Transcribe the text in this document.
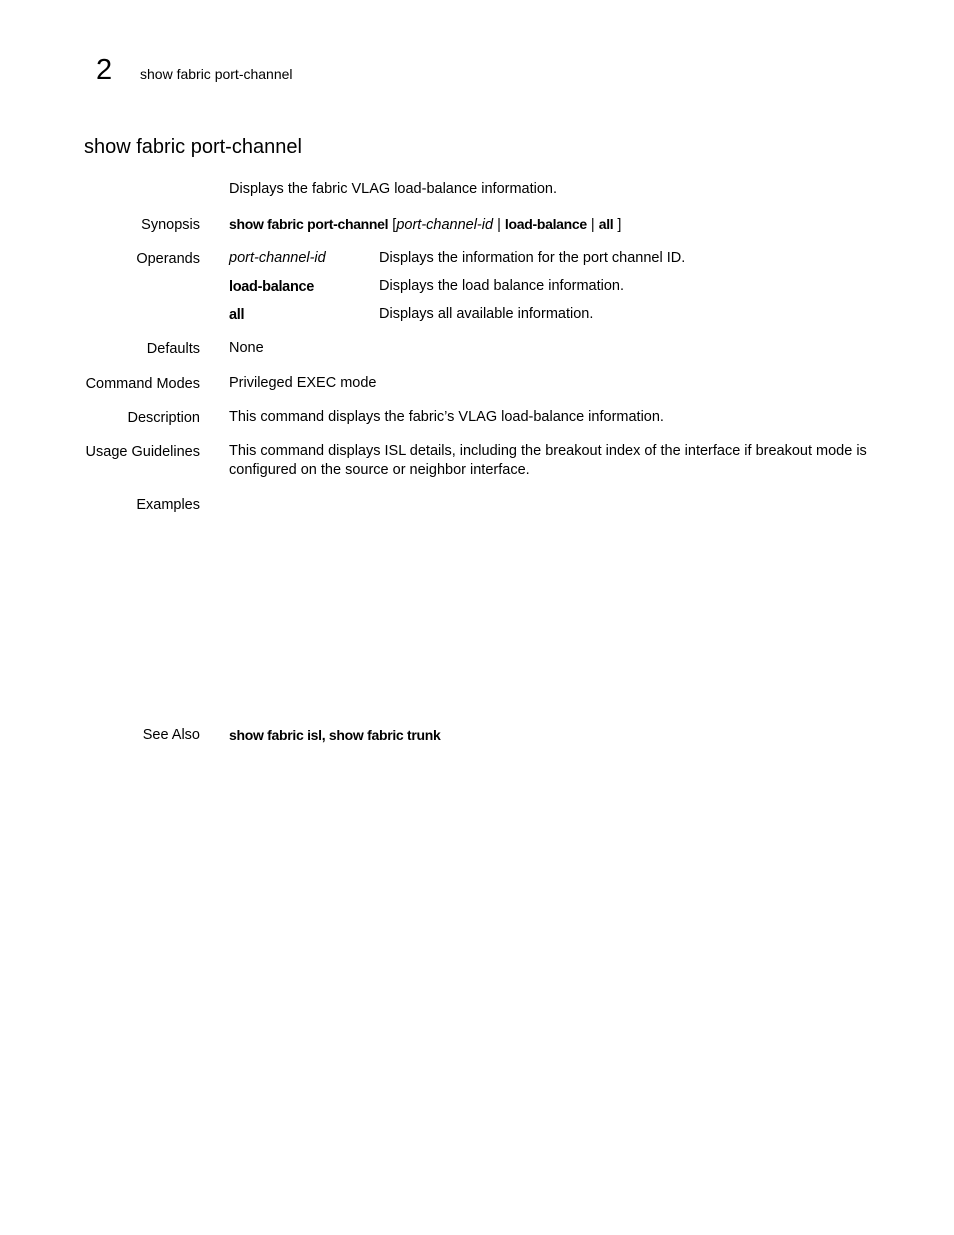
2 show fabric port-channel
show fabric port-channel
Displays the fabric VLAG load-balance information.
Synopsis show fabric port-channel [port-channel-id | load-balance | all ]
Operands port-channel-id	Displays the information for the port channel ID.
load-balance	Displays the load balance information.
all	Displays all available information.
Defaults None
Command Modes Privileged EXEC mode
Description This command displays the fabric’s VLAG load-balance information.
Usage Guidelines This command displays ISL details, including the breakout index of the interface if breakout mode is configured on the source or neighbor interface.
Examples
See Also show fabric isl, show fabric trunk
